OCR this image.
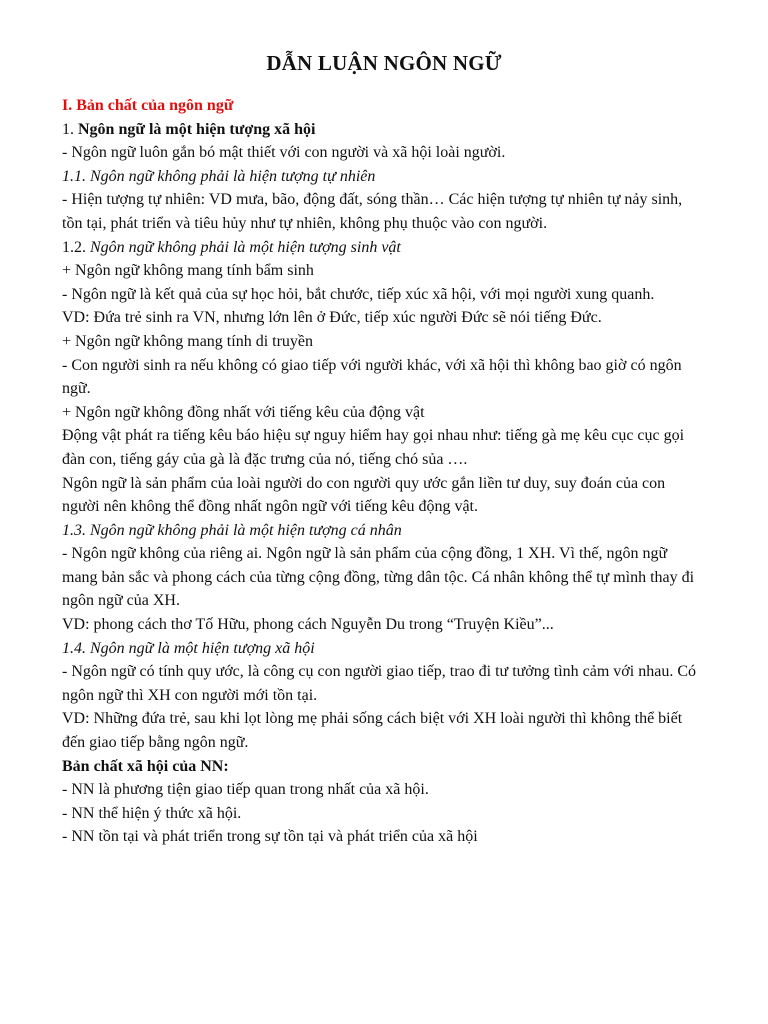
DẪN LUẬN NGÔN NGỮ

I. Bản chất của ngôn ngữ

1. Ngôn ngữ là một hiện tượng xã hội

- Ngôn ngữ luôn gắn bó mật thiết với con người và xã hội loài người.

1.1. Ngôn ngữ không phải là hiện tượng tự nhiên

- Hiện tượng tự nhiên: VD mưa, bão, động đất, sóng thần… Các hiện tượng tự nhiên tự nảy sinh, tồn tại, phát triển và tiêu hủy như tự nhiên, không phụ thuộc vào con người.

1.2. Ngôn ngữ không phải là một hiện tượng sinh vật

+ Ngôn ngữ không mang tính bẩm sinh

- Ngôn ngữ là kết quả của sự học hỏi, bắt chước, tiếp xúc xã hội, với mọi người xung quanh.

VD: Đứa trẻ sinh ra VN, nhưng lớn lên ở Đức, tiếp xúc người Đức sẽ nói tiếng Đức.

+ Ngôn ngữ không mang tính di truyền

- Con người sinh ra nếu không có giao tiếp với người khác, với xã hội thì không bao giờ có ngôn ngữ.

+ Ngôn ngữ không đồng nhất với tiếng kêu của động vật

Động vật phát ra tiếng kêu báo hiệu sự nguy hiểm hay gọi nhau như: tiếng gà mẹ kêu cục cục gọi đàn con, tiếng gáy của gà là đặc trưng của nó, tiếng chó sủa ….

Ngôn ngữ là sản phẩm của loài người do con người quy ước gắn liền tư duy, suy đoán của con người nên không thể đồng nhất ngôn ngữ với tiếng kêu động vật.

1.3. Ngôn ngữ không phải là một hiện tượng cá nhân

- Ngôn ngữ không của riêng ai. Ngôn ngữ là sản phẩm của cộng đồng, 1 XH. Vì thế, ngôn ngữ mang bản sắc và phong cách của từng cộng đồng, từng dân tộc. Cá nhân không thể tự mình thay đi ngôn ngữ của XH.

VD: phong cách thơ Tố Hữu, phong cách Nguyễn Du trong “Truyện Kiều”...

1.4. Ngôn ngữ là một hiện tượng xã hội

- Ngôn ngữ có tính quy ước, là công cụ con người giao tiếp, trao đi tư tưởng tình cảm với nhau. Có ngôn ngữ thì XH con người mới tồn tại.

VD: Những đứa trẻ, sau khi lọt lòng mẹ phải sống cách biệt với XH loài người thì không thể biết đến giao tiếp bằng ngôn ngữ.

Bản chất xã hội của NN:

- NN là phương tiện giao tiếp quan trong nhất của xã hội.

- NN thể hiện ý thức xã hội.

- NN tồn tại và phát triển trong sự tồn tại và phát triển của xã hội
